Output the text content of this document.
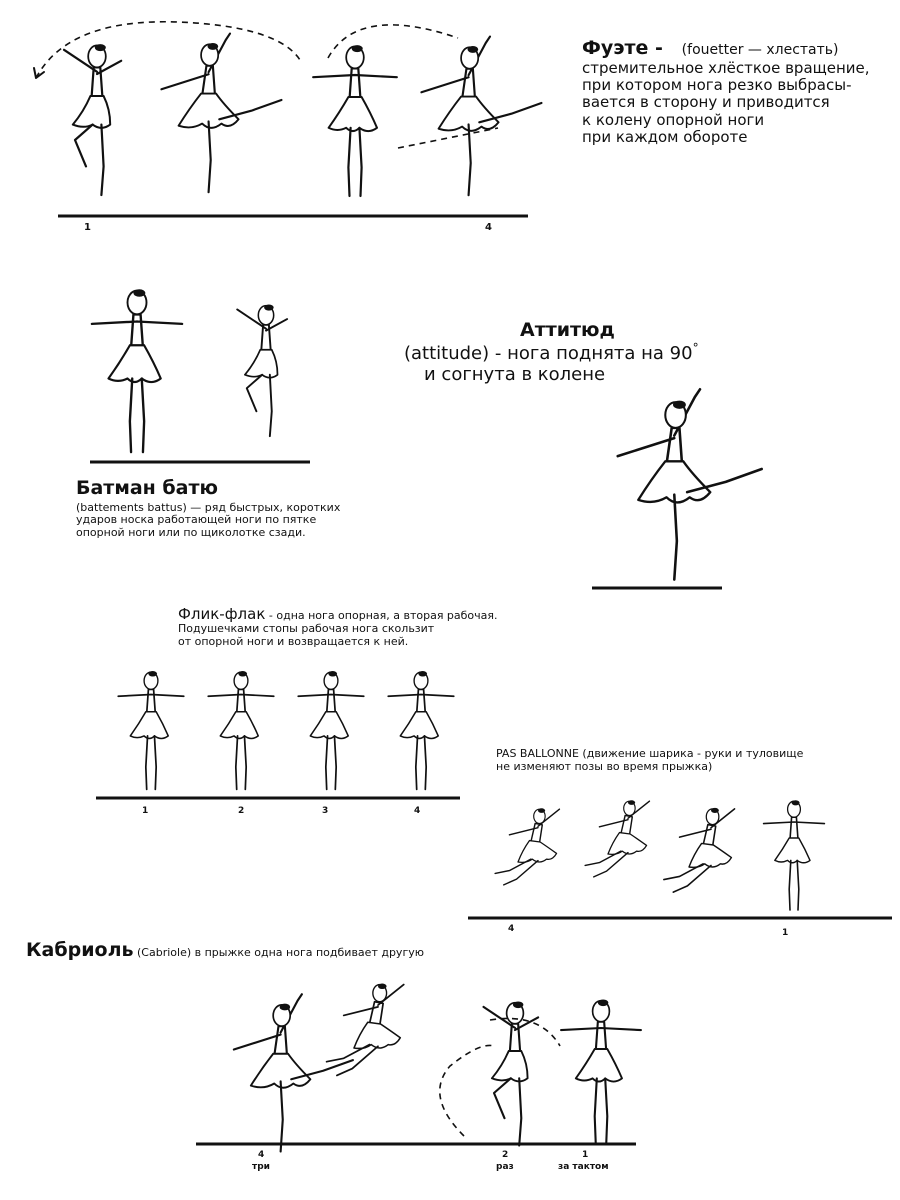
1	4
Фуэте - (fouetter — хлестать)
стремительное хлёсткое вращение,
при котором нога резко выбрасы-
вается в сторону и приводится
к колену опорной ноги
при каждом обороте
Батман батю
(battements battus) — ряд быстрых, коротких
ударов носка работающей ноги по пятке
опорной ноги или по щиколотке сзади.
Аттитюд
(attitude) - нога поднята на 90°
и согнута в колене
Флик-флак - одна нога опорная, а вторая рабочая.
Подушечками стопы рабочая нога скользит
от опорной ноги и возвращается к ней.
1	2	3	4
PAS BALLONNE (движение шарика - руки и туловище
не изменяют позы во время прыжка)
4	1
Кабриоль (Cabriole) в прыжке одна нога подбивает другую
4
три
2
раз
1
за тактом
